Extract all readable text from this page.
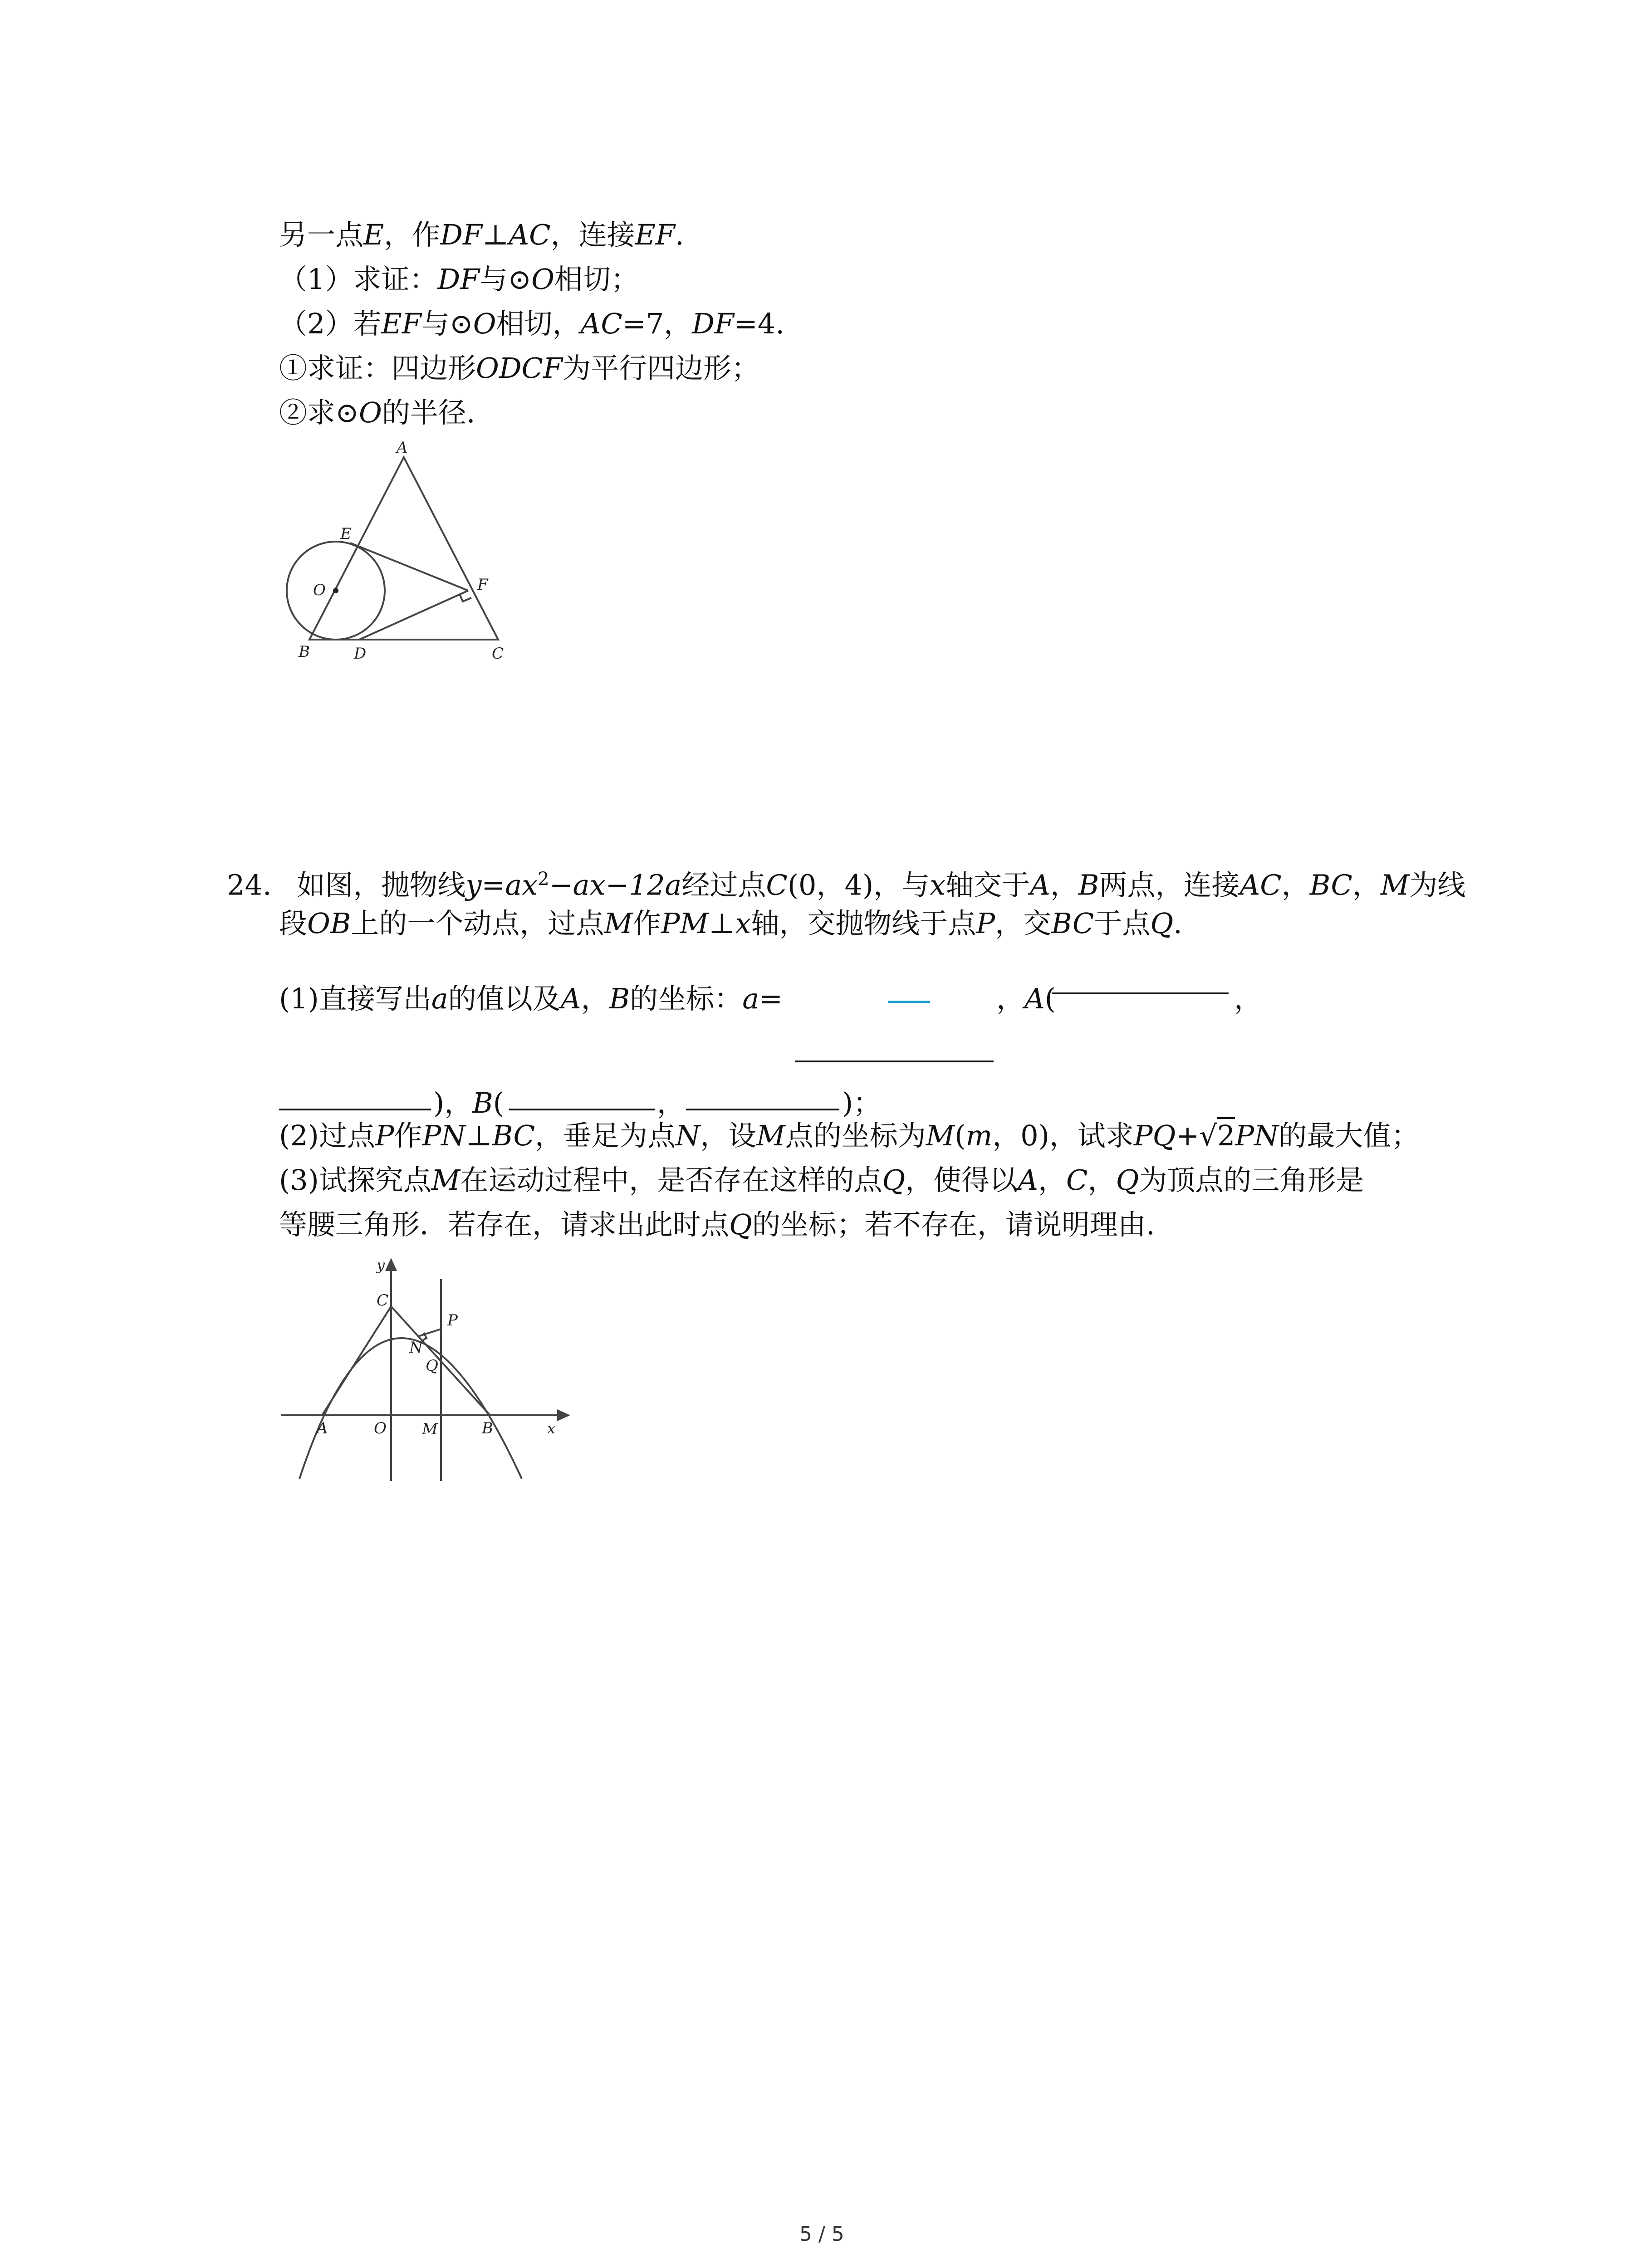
另一点E，作DF⊥AC，连接EF.
（1）求证：DF与⊙O相切；
（2）若EF与⊙O相切，AC=7，DF=4.
①求证：四边形ODCF为平行四边形；
②求⊙O的半径.
A
E
O	F
B	D	C
24. 如图，抛物线$y=ax^2-ax-12a$经过点C(0，4)，与x轴交于A，B两点，连接AC，BC，M为线
段OB上的一个动点，过点M作PM⊥x轴，交抛物线于点P，交BC于点Q.
(1)直接写出a的值以及A，B的坐标：a=	，A(	，
)，B(	，	)；
(2)过点P作PN⊥BC，垂足为点N，设M点的坐标为M(m，0)，试求PQ+√2PN的最大值；
(3)试探究点M在运动过程中，是否存在这样的点Q，使得以A，C，Q为顶点的三角形是
等腰三角形．若存在，请求出此时点Q的坐标；若不存在，请说明理由.
y
C
P
N
Q
A	O M	B	x
5 / 5
